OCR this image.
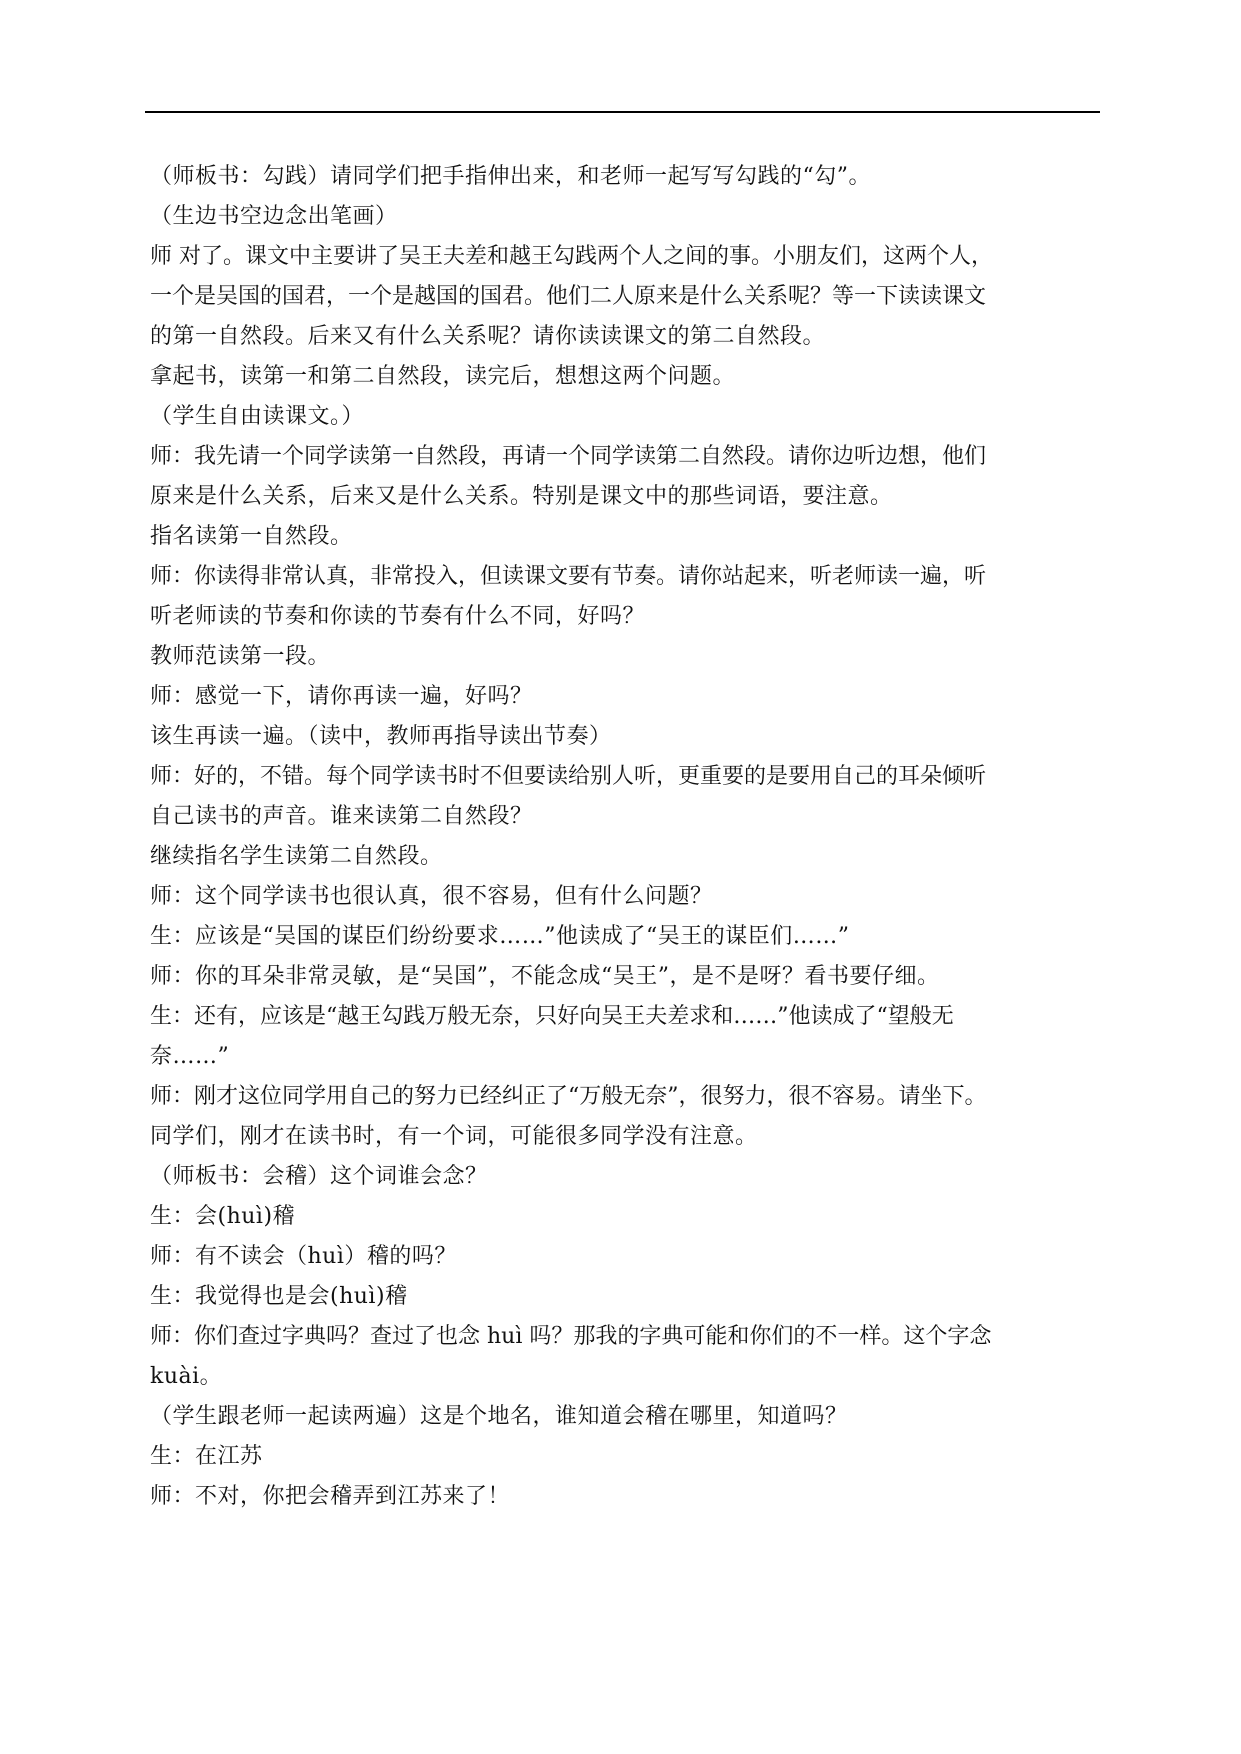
（师板书：勾践）请同学们把手指伸出来，和老师一起写写勾践的“勾”。
（生边书空边念出笔画）
师 对了。课文中主要讲了吴王夫差和越王勾践两个人之间的事。小朋友们，这两个人，
一个是吴国的国君，一个是越国的国君。他们二人原来是什么关系呢？等一下读读课文
的第一自然段。后来又有什么关系呢？请你读读课文的第二自然段。
拿起书，读第一和第二自然段，读完后，想想这两个问题。
（学生自由读课文。）
师：我先请一个同学读第一自然段，再请一个同学读第二自然段。请你边听边想，他们
原来是什么关系，后来又是什么关系。特别是课文中的那些词语，要注意。
指名读第一自然段。
师：你读得非常认真，非常投入，但读课文要有节奏。请你站起来，听老师读一遍，听
听老师读的节奏和你读的节奏有什么不同，好吗？
教师范读第一段。
师：感觉一下，请你再读一遍，好吗？
该生再读一遍。（读中，教师再指导读出节奏）
师：好的，不错。每个同学读书时不但要读给别人听，更重要的是要用自己的耳朵倾听
自己读书的声音。谁来读第二自然段？
继续指名学生读第二自然段。
师：这个同学读书也很认真，很不容易，但有什么问题？
生：应该是“吴国的谋臣们纷纷要求……”他读成了“吴王的谋臣们……”
师：你的耳朵非常灵敏，是“吴国”，不能念成“吴王”，是不是呀？看书要仔细。
生：还有，应该是“越王勾践万般无奈，只好向吴王夫差求和……”他读成了“望般无
奈……”
师：刚才这位同学用自己的努力已经纠正了“万般无奈”，很努力，很不容易。请坐下。
同学们，刚才在读书时，有一个词，可能很多同学没有注意。
（师板书：会稽）这个词谁会念？
生：会(huì)稽
师：有不读会（huì）稽的吗？
生：我觉得也是会(huì)稽
师：你们查过字典吗？查过了也念 huì 吗？那我的字典可能和你们的不一样。这个字念
kuài。
（学生跟老师一起读两遍）这是个地名，谁知道会稽在哪里，知道吗？
生：在江苏
师：不对，你把会稽弄到江苏来了！
